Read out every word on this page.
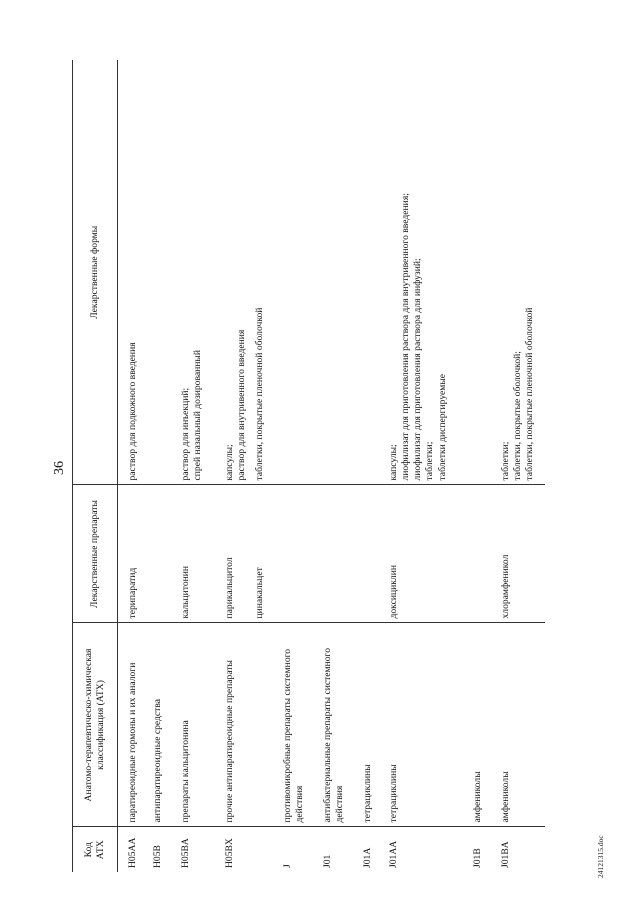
36
Код АТХ	Анатомо-терапевтическо-химическая классификация (АТХ)	Лекарственные препараты	Лекарственные формы
H05AA	паратиреоидные гормоны и их аналоги	терипаратид	раствор для подкожного введения

H05B	антипаратиреоидные средства		
H05BA	препараты кальцитонина	кальцитонин	раствор для инъекций; спрей назальный дозированный

H05BX	прочие антипаратиреоидные препараты	парикальцитол	капсулы; раствор для внутривенного введения

		цинакальцет	таблетки, покрытые пленочной оболочкой

J	противомикробные препараты системного действия		
J01	антибактериальные препараты системного действия		
J01A	тетрациклины		
J01AA	тетрациклины	доксициклин	капсулы; лиофилизат для приготовления раствора для внутривенного введения; лиофилизат для приготовления раствора для инфузий; таблетки; таблетки диспергируемые

J01B	амфениколы		
J01BA	амфениколы	хлорамфеникол	таблетки; таблетки, покрытые оболочкой; таблетки, покрытые пленочной оболочкой
24121315.doc
